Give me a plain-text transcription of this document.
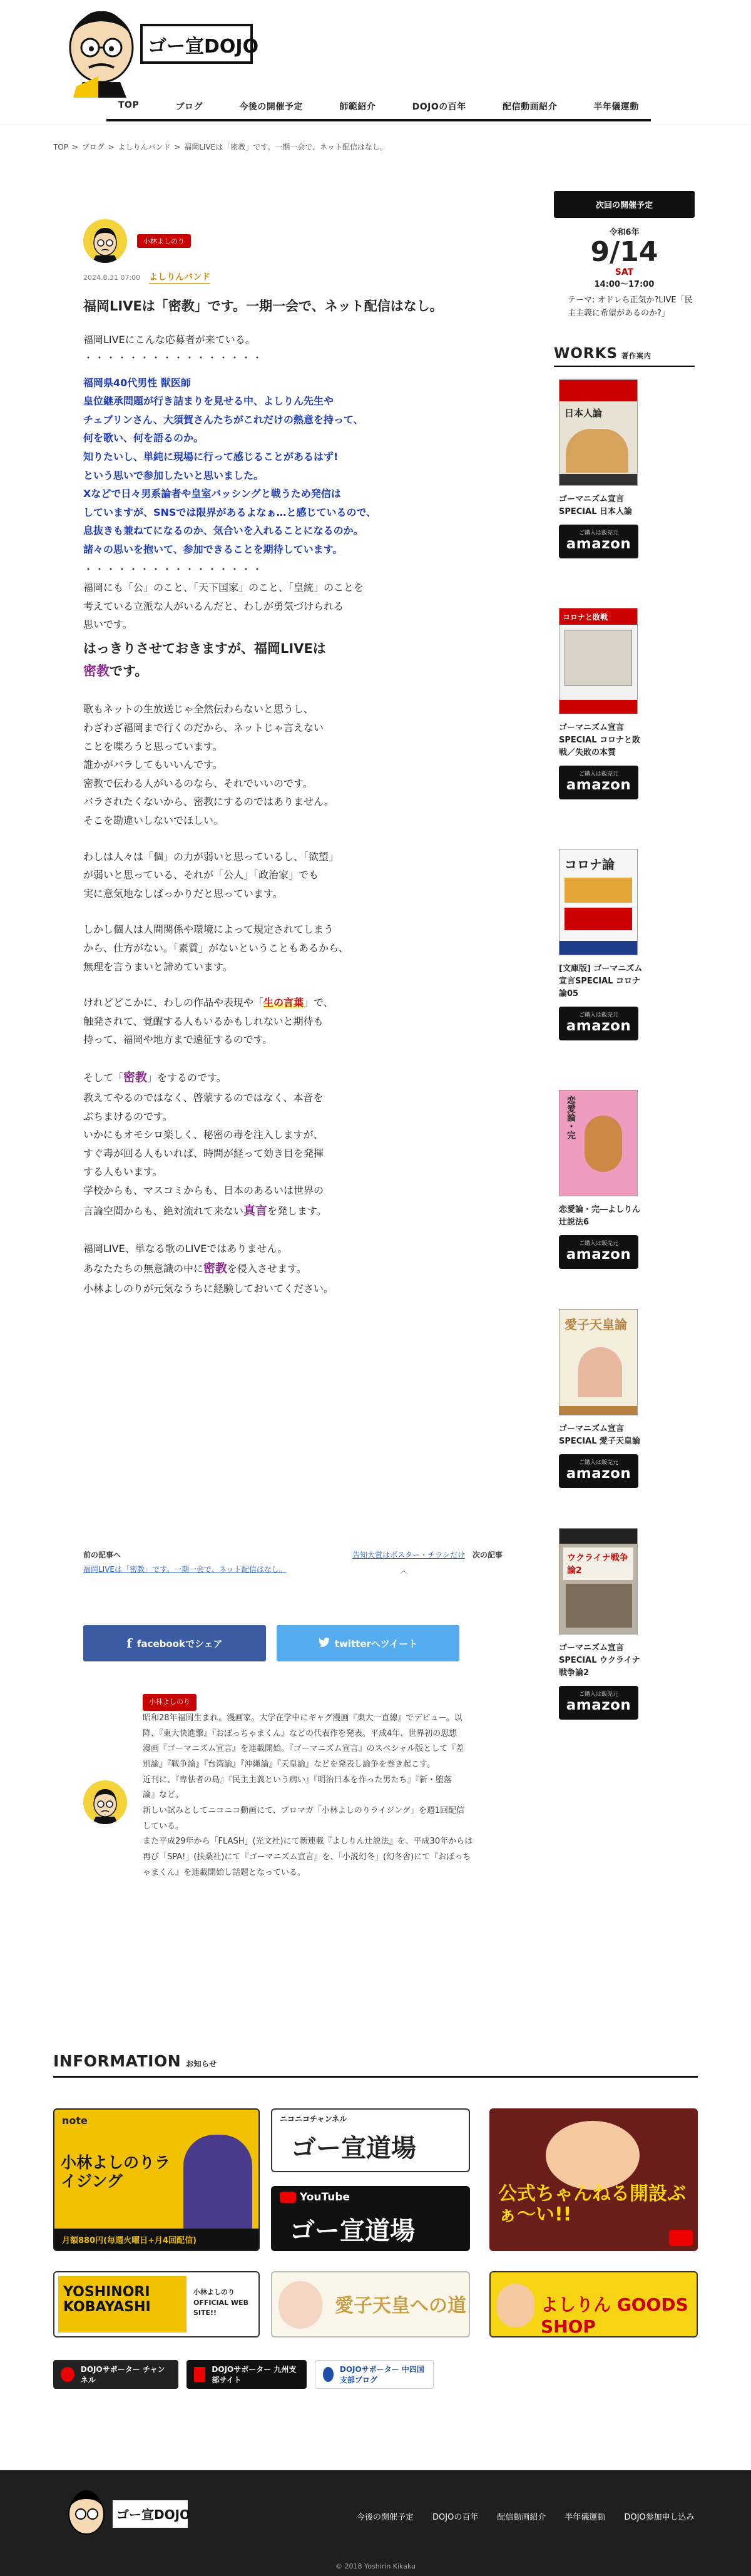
ゴー宣DOJO
TOP	ブログ	今後の開催予定	師範紹介	DOJOの百年	配信動画紹介	半年儀運動
TOP > ブログ > よしりんバンド > 福岡LIVEは「密教」です。一期一会で、ネット配信はなし。
小林よしのり
2024.8.31 07:00 よしりんバンド
福岡LIVEは「密教」です。一期一会で、ネット配信はなし。

福岡LIVEにこんな応募者が来ている。
・・・・・・・・・・・・・・・・

福岡県40代男性 獣医師
皇位継承問題が行き詰まりを見せる中、よしりん先生や
チェブリンさん、大須賀さんたちがこれだけの熱意を持って、
何を歌い、何を語るのか。
知りたいし、単純に現場に行って感じることがあるはず!
という思いで参加したいと思いました。
Xなどで日々男系論者や皇室バッシングと戦うため発信は
していますが、SNSでは限界があるよなぁ…と感じているので、
息抜きも兼ねてになるのか、気合いを入れることになるのか。
諸々の思いを抱いて、参加できることを期待しています。

・・・・・・・・・・・・・・・・
福岡にも「公」のこと、「天下国家」のこと、「皇統」のことを
考えている立派な人がいるんだと、わしが勇気づけられる
思いです。

はっきりさせておきますが、福岡LIVEは
密教です。

歌もネットの生放送じゃ全然伝わらないと思うし、
わざわざ福岡まで行くのだから、ネットじゃ言えない
ことを喋ろうと思っています。
誰かがバラしてもいいんです。
密教で伝わる人がいるのなら、それでいいのです。
バラされたくないから、密教にするのではありません。
そこを勘違いしないでほしい。

わしは人々は「個」の力が弱いと思っているし、「欲望」
が弱いと思っている、それが「公人」「政治家」でも
実に意気地なしばっかりだと思っています。

しかし個人は人間関係や環境によって規定されてしまう
から、仕方がない。「素質」がないということもあるから、
無理を言うまいと諦めています。

けれどどこかに、わしの作品や表現や「生の言葉」で、
触発されて、覚醒する人もいるかもしれないと期待も
持って、福岡や地方まで遠征するのです。

そして「密教」をするのです。
教えてやるのではなく、啓蒙するのではなく、本音を
ぶちまけるのです。
いかにもオモシロ楽しく、秘密の毒を注入しますが、
すぐ毒が回る人もいれば、時間が経って効き目を発揮
する人もいます。
学校からも、マスコミからも、日本のあるいは世界の
言論空間からも、絶対流れて来ない真言を発します。

福岡LIVE、単なる歌のLIVEではありません。
あなたたちの無意識の中に密教を侵入させます。
小林よしのりが元気なうちに経験しておいてください。

前の記事へ
福岡LIVEは「密教」です。一期一会で、ネット配信はなし。
告知大賞はポスター・チラシだけ 次の記事
︿
f facebookでシェア	twitterへツイート
小林よしのり
昭和28年福岡生まれ。漫画家。大学在学中にギャグ漫画『東大一直線』でデビュー。以
降、『東大快進撃』『おぼっちゃまくん』などの代表作を発表。平成4年、世界初の思想
漫画『ゴーマニズム宣言』を連載開始。『ゴーマニズム宣言』のスペシャル版として『差
別論』『戦争論』『台湾論』『沖縄論』『天皇論』などを発表し論争を巻き起こす。
近刊に、『卑怯者の島』『民主主義という病い』『明治日本を作った男たち』『新・堕落
論』など。
新しい試みとしてニコニコ動画にて、ブロマガ「小林よしのりライジング」を週1回配信
している。
また平成29年から「FLASH」(光文社)にて新連載『よしりん辻説法』を、平成30年からは
再び「SPA!」(扶桑社)にて『ゴーマニズム宣言』を、「小説幻冬」(幻冬舎)にて『おぼっち
ゃまくん』を連載開始し話題となっている。
次回の開催予定
令和6年
9/14
SAT
14:00〜17:00
テーマ: オドレら正気か?LIVE「民主主義に希望があるのか?」
WORKS 著作案内
日本人論
ゴーマニズム宣言SPECIAL 日本人論
ご購入は販売元
amazon
コロナと敗戦
ゴーマニズム宣言SPECIAL コロナと敗戦／失敗の本質
ご購入は販売元
amazon
コロナ論
[文庫版] ゴーマニズム宣言SPECIAL コロナ論05
ご購入は販売元
amazon
恋愛論・完
恋愛論・完―よしりん辻説法6
ご購入は販売元
amazon
愛子天皇論
ゴーマニズム宣言SPECIAL 愛子天皇論
ご購入は販売元
amazon
ウクライナ戦争論2
ゴーマニズム宣言SPECIAL ウクライナ戦争論2
ご購入は販売元
amazon
INFORMATION お知らせ
note
小林よしのりライジング
月額880円(毎週火曜日+月4回配信)
ニコニコチャンネル
ゴー宣道場
YouTube
ゴー宣道場
公式ちゃんねる開設ぶぁ〜い!!
YOSHINORI KOBAYASHI
小林よしのり OFFICIAL WEB SITE!!	愛子天皇への道	よしりん GOODS SHOP
DOJOサポーター チャンネル
DOJOサポーター 九州支部サイト
DOJOサポーター 中四国支部ブログ
ゴー宣DOJO	今後の開催予定 DOJOの百年 配信動画紹介 半年儀運動 DOJO参加申し込み
© 2018 Yoshirin Kikaku
